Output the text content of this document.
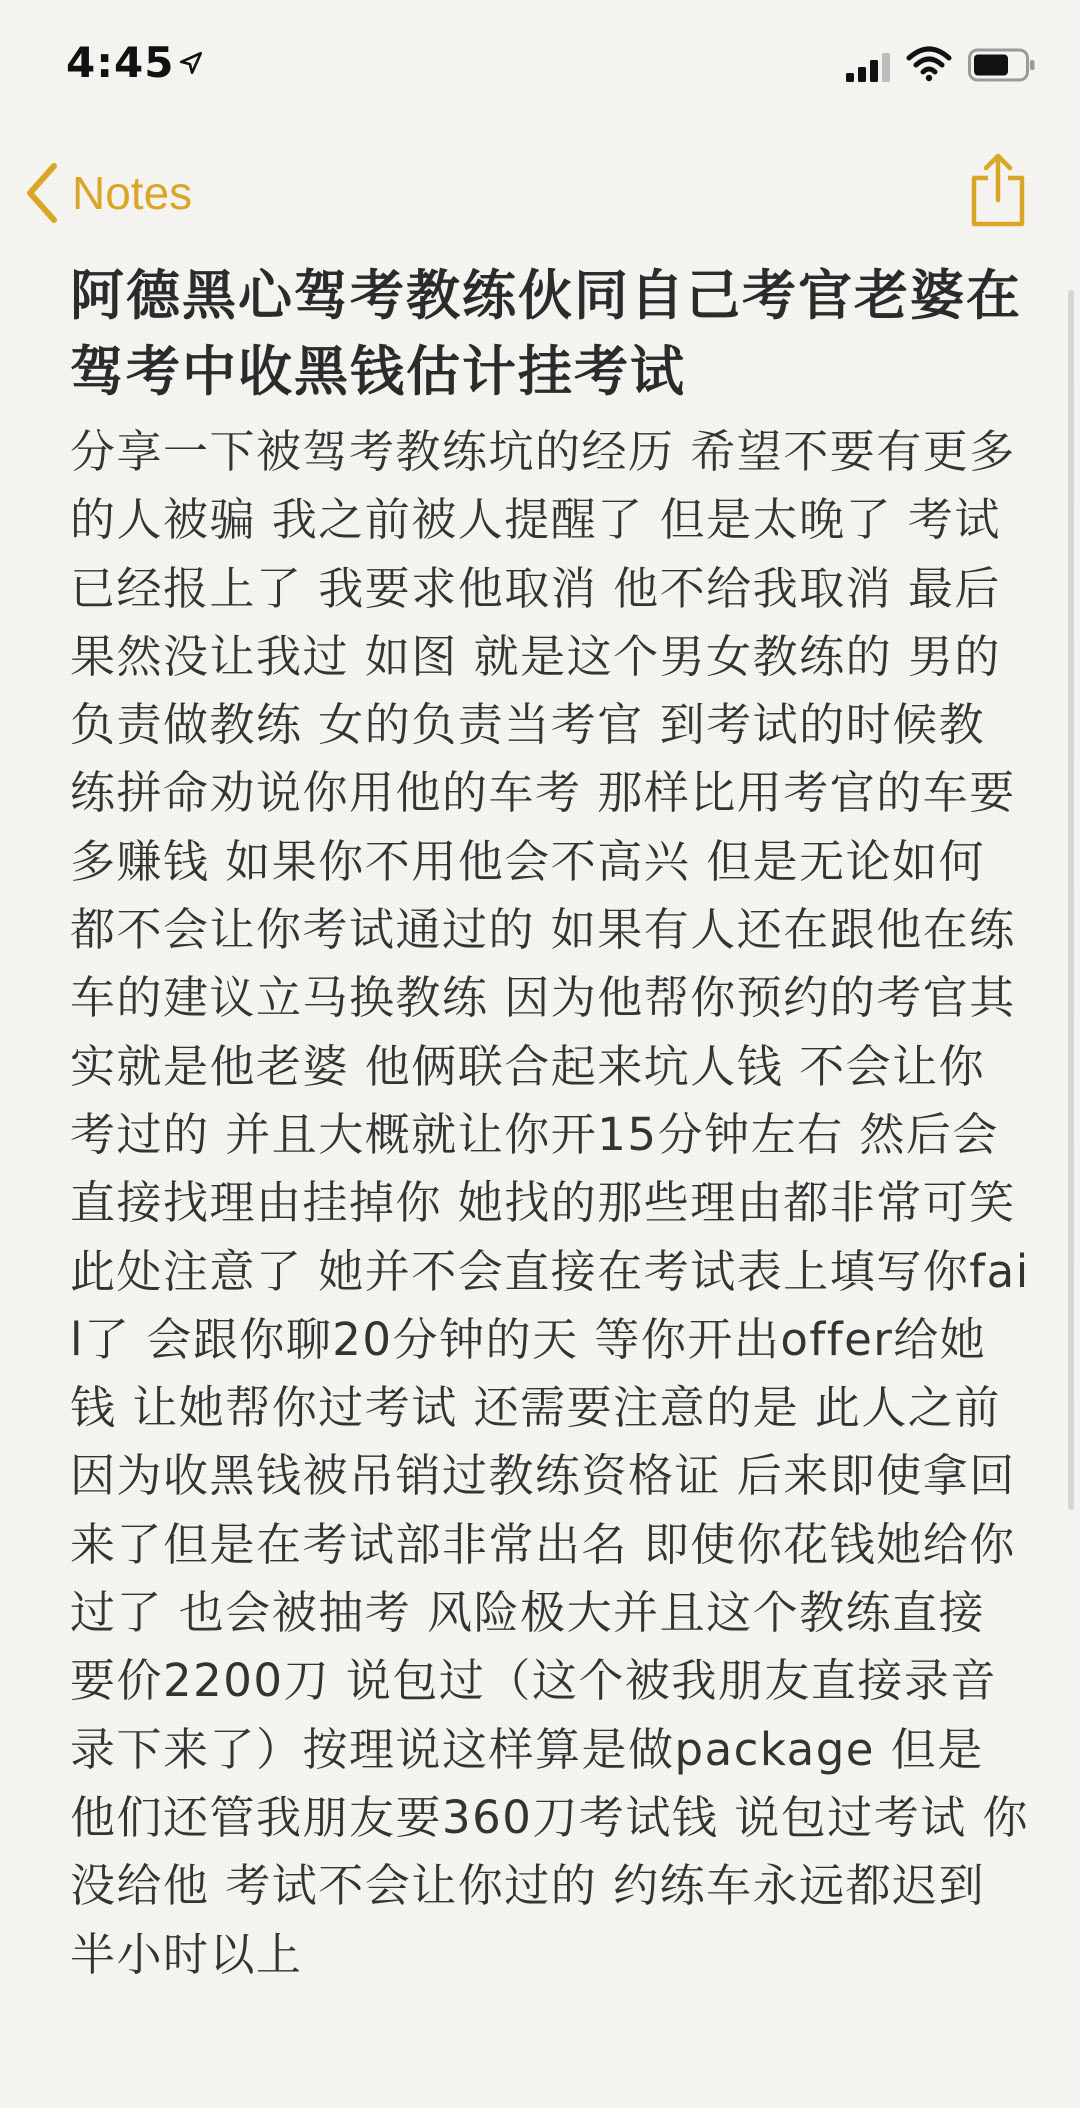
4:45
Notes
阿德黑心驾考教练伙同自己考官老婆在驾考中收黑钱估计挂考试
分享一下被驾考教练坑的经历 希望不要有更多的人被骗 我之前被人提醒了 但是太晚了 考试已经报上了 我要求他取消 他不给我取消 最后果然没让我过 如图 就是这个男女教练的 男的负责做教练 女的负责当考官 到考试的时候教练拼命劝说你用他的车考 那样比用考官的车要多赚钱 如果你不用他会不高兴 但是无论如何都不会让你考试通过的 如果有人还在跟他在练车的建议立马换教练 因为他帮你预约的考官其实就是他老婆 他俩联合起来坑人钱 不会让你考过的 并且大概就让你开15分钟左右 然后会直接找理由挂掉你 她找的那些理由都非常可笑 此处注意了 她并不会直接在考试表上填写你fail了 会跟你聊20分钟的天 等你开出offer给她钱 让她帮你过考试 还需要注意的是 此人之前因为收黑钱被吊销过教练资格证 后来即使拿回来了但是在考试部非常出名 即使你花钱她给你过了 也会被抽考 风险极大并且这个教练直接要价2200刀 说包过（这个被我朋友直接录音录下来了）按理说这样算是做package 但是他们还管我朋友要360刀考试钱 说包过考试 你没给他 考试不会让你过的 约练车永远都迟到半小时以上
